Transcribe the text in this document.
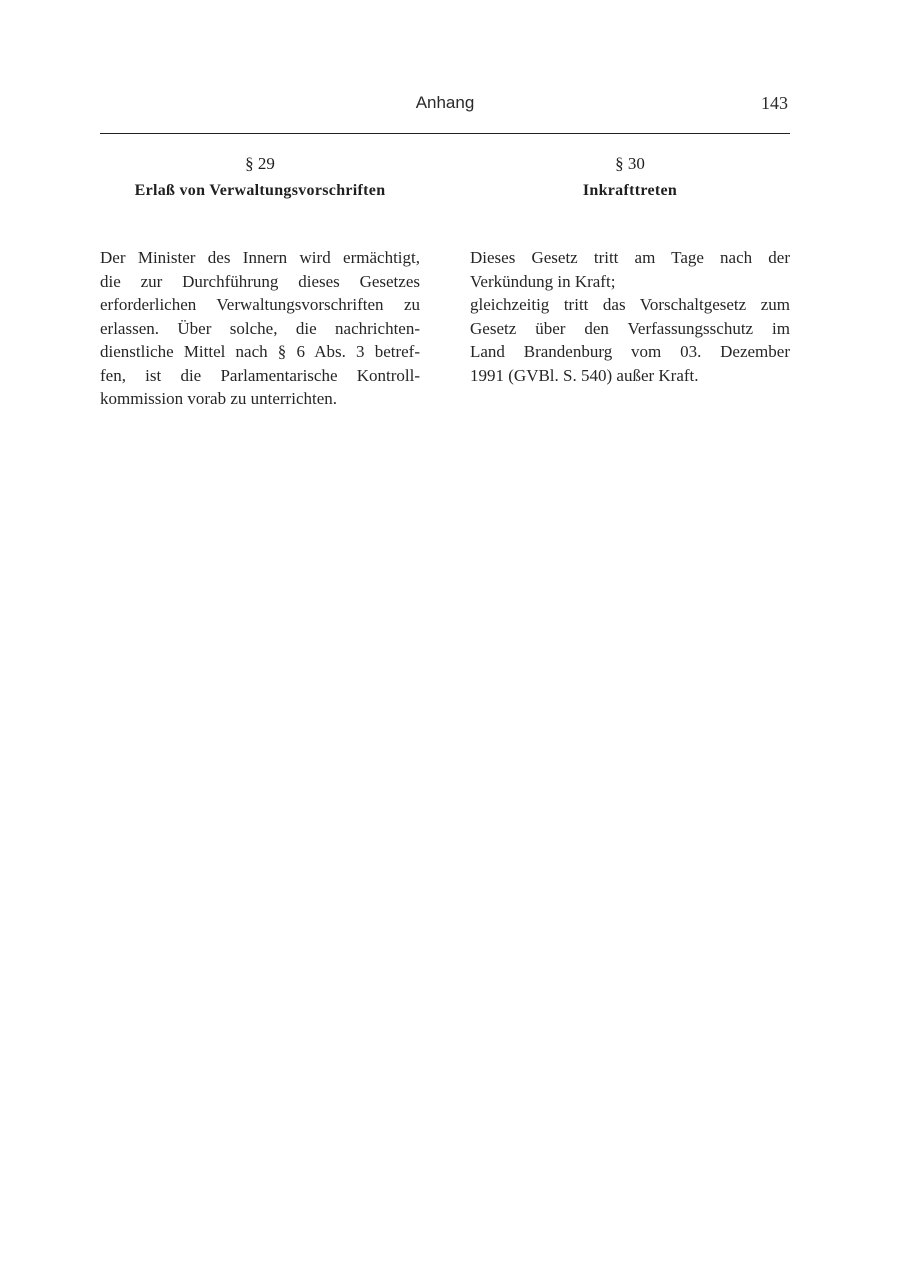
Anhang	143
§ 29
Erlaß von Verwaltungsvorschriften
Der Minister des Innern wird ermächtigt,
die zur Durchführung dieses Gesetzes
erforderlichen Verwaltungsvorschriften zu
erlassen. Über solche, die nachrichten-
dienstliche Mittel nach § 6 Abs. 3 betref-
fen, ist die Parlamentarische Kontroll-
kommission vorab zu unterrichten.
§ 30
Inkrafttreten
Dieses Gesetz tritt am Tage nach der
Verkündung in Kraft;
gleichzeitig tritt das Vorschaltgesetz zum
Gesetz über den Verfassungsschutz im
Land Brandenburg vom 03. Dezember
1991 (GVBl. S. 540) außer Kraft.
